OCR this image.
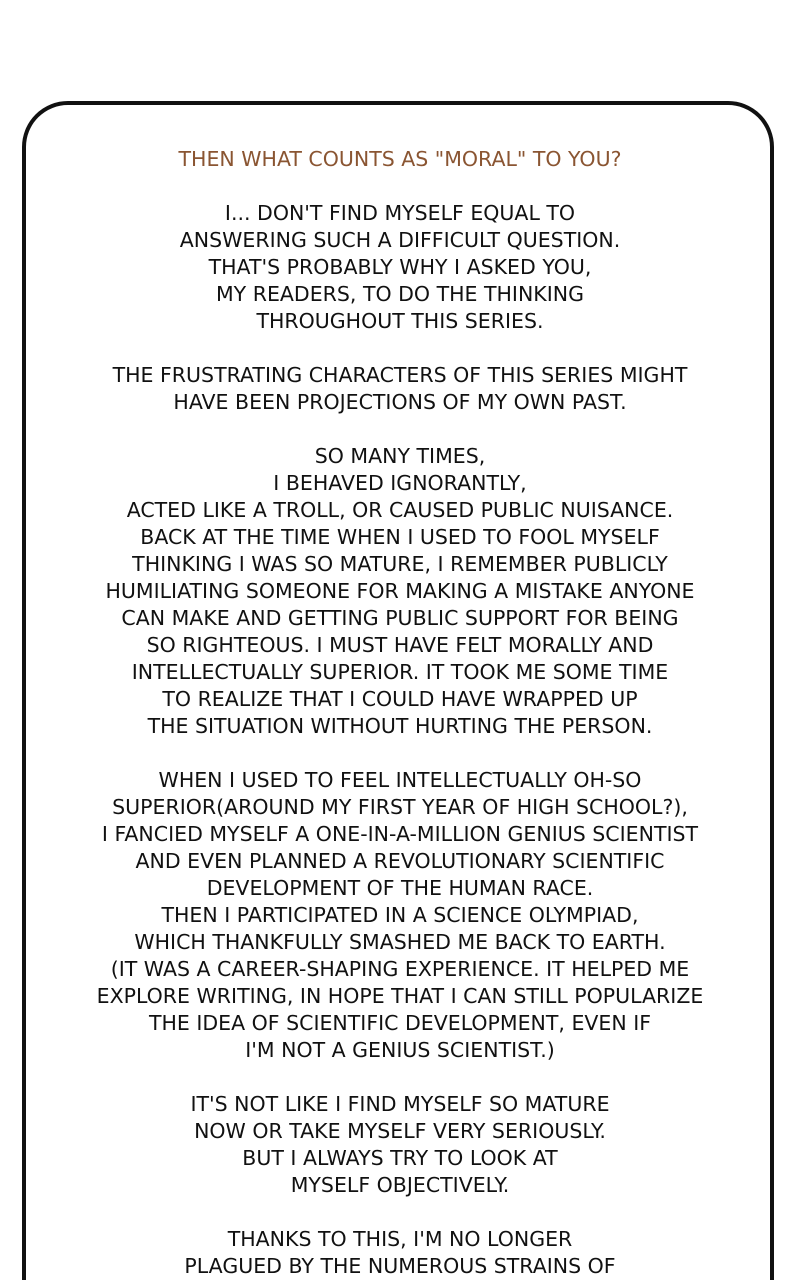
THEN WHAT COUNTS AS "MORAL" TO YOU?
I... DON'T FIND MYSELF EQUAL TO
ANSWERING SUCH A DIFFICULT QUESTION.
THAT'S PROBABLY WHY I ASKED YOU,
MY READERS, TO DO THE THINKING
THROUGHOUT THIS SERIES.
THE FRUSTRATING CHARACTERS OF THIS SERIES MIGHT
HAVE BEEN PROJECTIONS OF MY OWN PAST.
SO MANY TIMES,
I BEHAVED IGNORANTLY,
ACTED LIKE A TROLL, OR CAUSED PUBLIC NUISANCE.
BACK AT THE TIME WHEN I USED TO FOOL MYSELF
THINKING I WAS SO MATURE, I REMEMBER PUBLICLY
HUMILIATING SOMEONE FOR MAKING A MISTAKE ANYONE
CAN MAKE AND GETTING PUBLIC SUPPORT FOR BEING
SO RIGHTEOUS. I MUST HAVE FELT MORALLY AND
INTELLECTUALLY SUPERIOR. IT TOOK ME SOME TIME
TO REALIZE THAT I COULD HAVE WRAPPED UP
THE SITUATION WITHOUT HURTING THE PERSON.
WHEN I USED TO FEEL INTELLECTUALLY OH-SO
SUPERIOR(AROUND MY FIRST YEAR OF HIGH SCHOOL?),
I FANCIED MYSELF A ONE-IN-A-MILLION GENIUS SCIENTIST
AND EVEN PLANNED A REVOLUTIONARY SCIENTIFIC
DEVELOPMENT OF THE HUMAN RACE.
THEN I PARTICIPATED IN A SCIENCE OLYMPIAD,
WHICH THANKFULLY SMASHED ME BACK TO EARTH.
(IT WAS A CAREER-SHAPING EXPERIENCE. IT HELPED ME
EXPLORE WRITING, IN HOPE THAT I CAN STILL POPULARIZE
THE IDEA OF SCIENTIFIC DEVELOPMENT, EVEN IF
I'M NOT A GENIUS SCIENTIST.)
IT'S NOT LIKE I FIND MYSELF SO MATURE
NOW OR TAKE MYSELF VERY SERIOUSLY.
BUT I ALWAYS TRY TO LOOK AT
MYSELF OBJECTIVELY.
THANKS TO THIS, I'M NO LONGER
PLAGUED BY THE NUMEROUS STRAINS OF
